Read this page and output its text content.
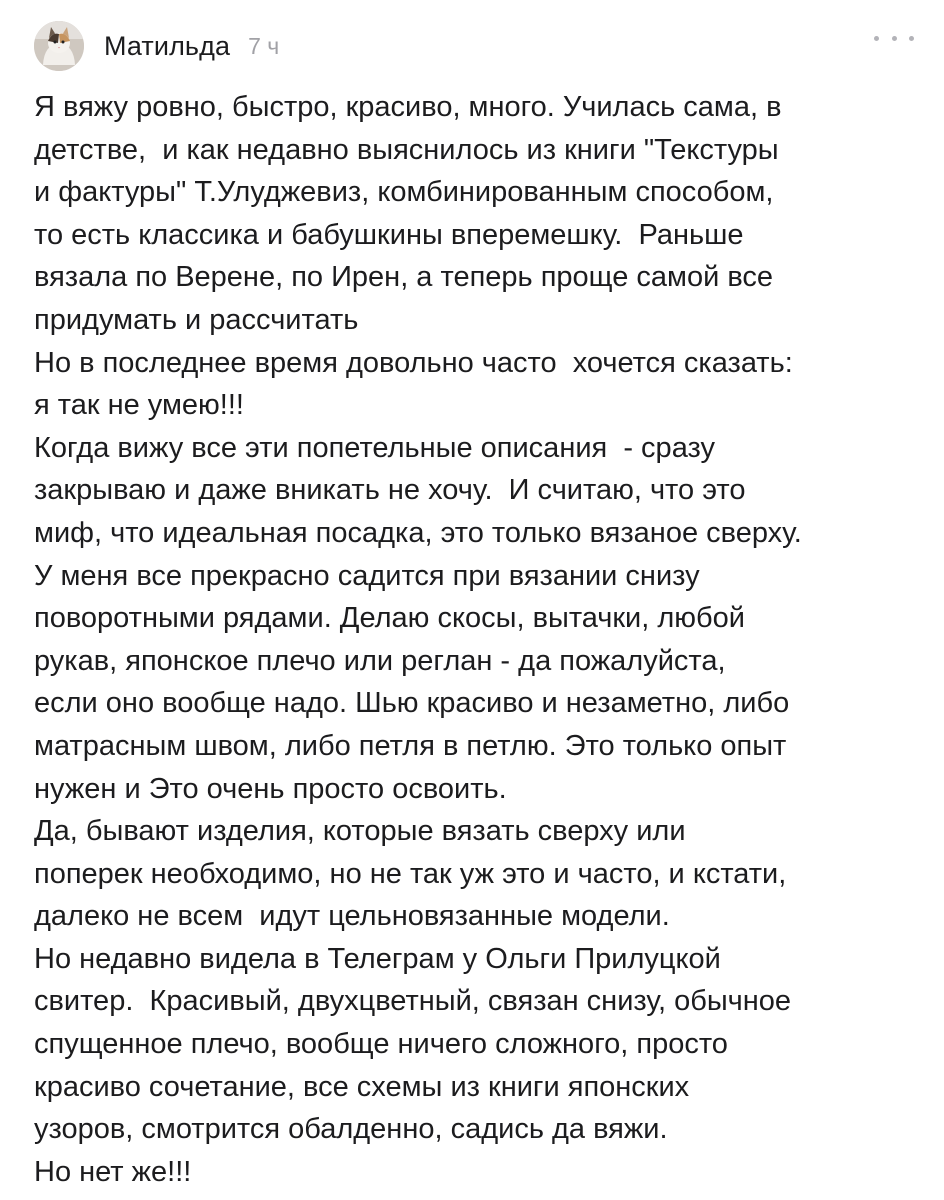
Матильда 7 ч
Я вяжу ровно, быстро, красиво, много. Училась сама, в
детстве,  и как недавно выяснилось из книги "Текстуры
и фактуры" Т.Улуджевиз, комбинированным способом,
то есть классика и бабушкины вперемешку.  Раньше
вязала по Верене, по Ирен, а теперь проще самой все
придумать и рассчитать
Но в последнее время довольно часто  хочется сказать:
я так не умею!!!
Когда вижу все эти попетельные описания  - сразу
закрываю и даже вникать не хочу.  И считаю, что это
миф, что идеальная посадка, это только вязаное сверху.
У меня все прекрасно садится при вязании снизу
поворотными рядами. Делаю скосы, вытачки, любой
рукав, японское плечо или реглан - да пожалуйста,
если оно вообще надо. Шью красиво и незаметно, либо
матрасным швом, либо петля в петлю. Это только опыт
нужен и Это очень просто освоить.
Да, бывают изделия, которые вязать сверху или
поперек необходимо, но не так уж это и часто, и кстати,
далеко не всем  идут цельновязанные модели.
Но недавно видела в Телеграм у Ольги Прилуцкой
свитер.  Красивый, двухцветный, связан снизу, обычное
спущенное плечо, вообще ничего сложного, просто
красиво сочетание, все схемы из книги японских
узоров, смотрится обалденно, садись да вяжи.
Но нет же!!!
